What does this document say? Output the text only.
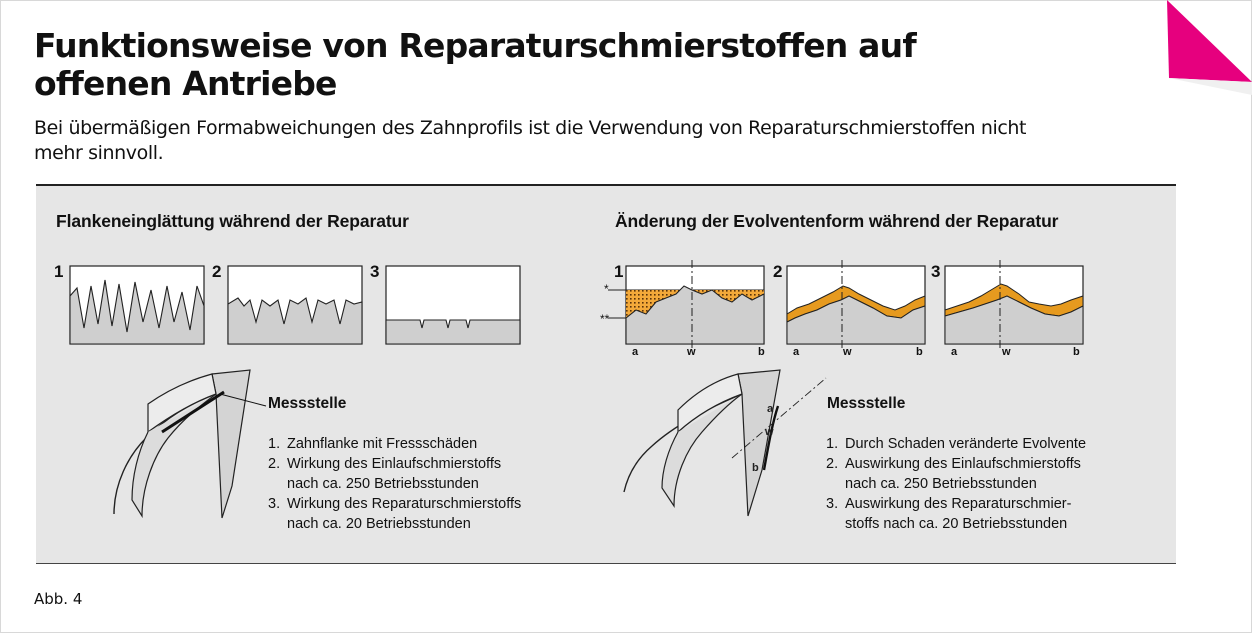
Funktionsweise von Reparaturschmierstoffen auf
offenen Antriebe

Bei übermäßigen Formabweichungen des Zahnprofils ist die Verwendung von Reparaturschmierstoffen nicht
mehr sinnvoll.

Flankeneinglättung während der Reparatur
1	2	3
Messstelle
1. Zahnflanke mit Fressschäden
2. Wirkung des Einlaufschmierstoffs
nach ca. 250 Betriebsstunden
3. Wirkung des Reparaturschmierstoffs
nach ca. 20 Betriebsstunden
Änderung der Evolventenform während der Reparatur
1	2	3
*
**
a	w	b	a	w	b	a	w	b
a
w
b
Messstelle
1. Durch Schaden veränderte Evolvente
2. Auswirkung des Einlaufschmierstoffs
nach ca. 250 Betriebsstunden
3. Auswirkung des Reparaturschmier-
stoffs nach ca. 20 Betriebsstunden
Abb. 4
